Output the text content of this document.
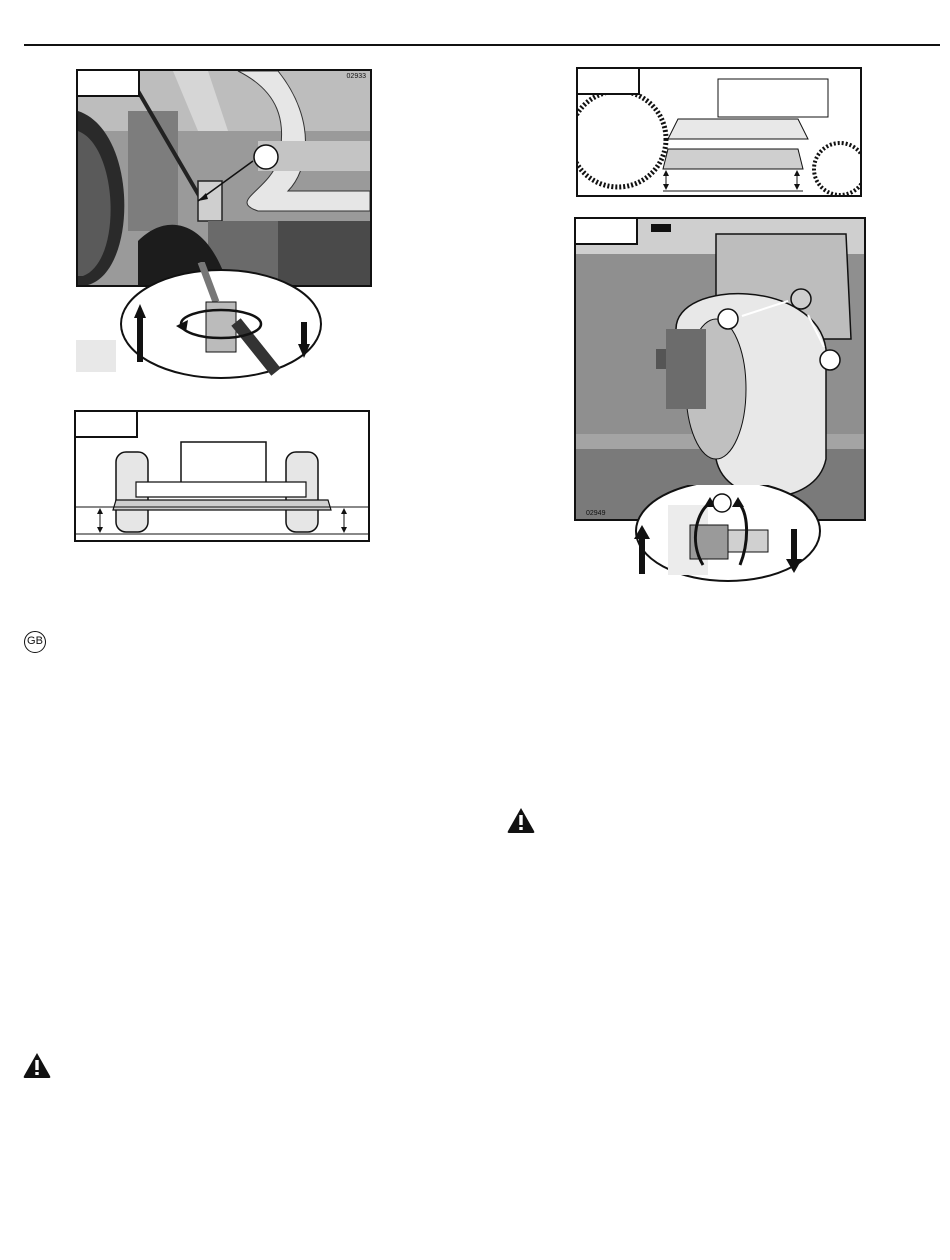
02933
02949
GB
